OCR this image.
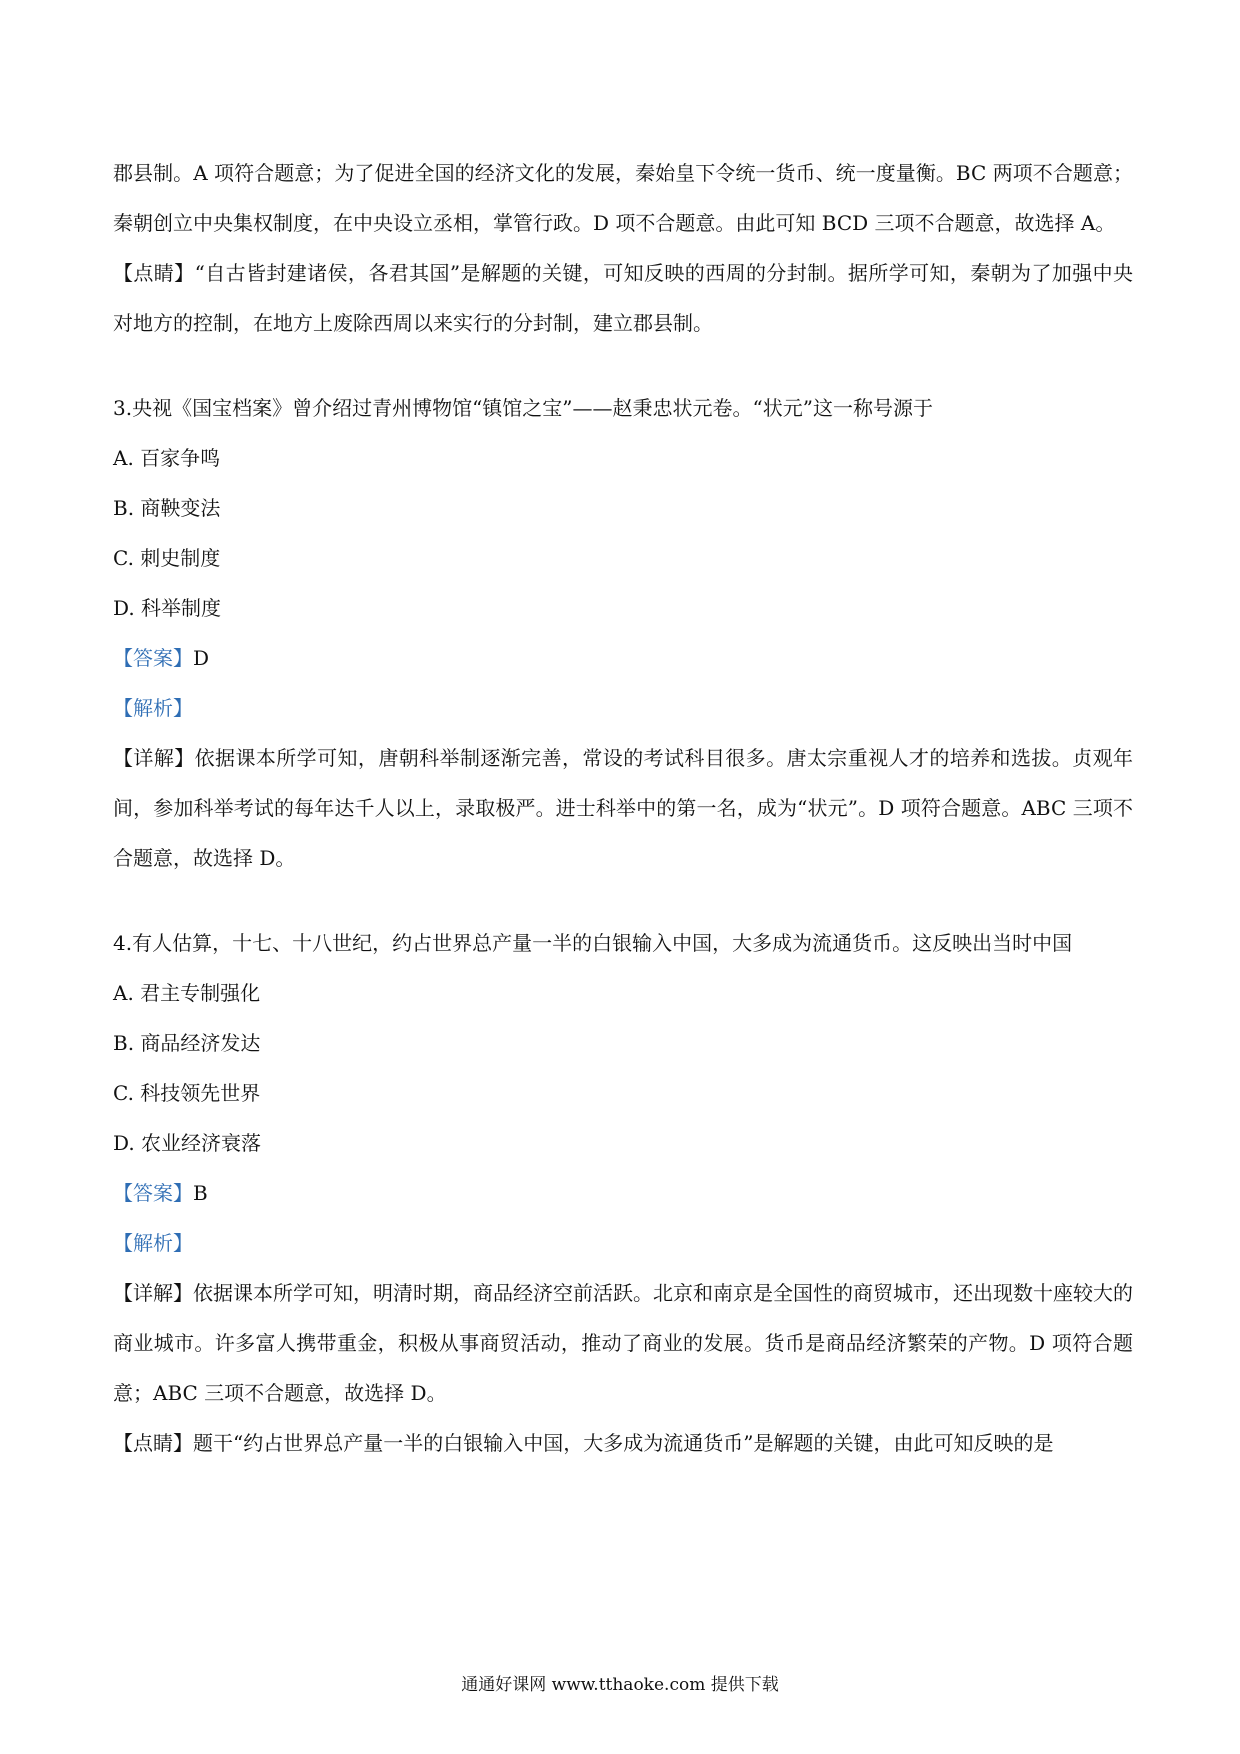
郡县制。A 项符合题意；为了促进全国的经济文化的发展，秦始皇下令统一货币、统一度量衡。BC 两项不合题意；秦朝创立中央集权制度，在中央设立丞相，掌管行政。D 项不合题意。由此可知 BCD 三项不合题意，故选择 A。

【点睛】“自古皆封建诸侯，各君其国”是解题的关键，可知反映的西周的分封制。据所学可知，秦朝为了加强中央对地方的控制，在地方上废除西周以来实行的分封制，建立郡县制。

3.央视《国宝档案》曾介绍过青州博物馆“镇馆之宝”——赵秉忠状元卷。“状元”这一称号源于

A. 百家争鸣

B. 商鞅变法

C. 刺史制度

D. 科举制度

【答案】D

【解析】

【详解】依据课本所学可知，唐朝科举制逐渐完善，常设的考试科目很多。唐太宗重视人才的培养和选拔。贞观年间，参加科举考试的每年达千人以上，录取极严。进士科举中的第一名，成为“状元”。D 项符合题意。ABC 三项不合题意，故选择 D。

4.有人估算，十七、十八世纪，约占世界总产量一半的白银输入中国，大多成为流通货币。这反映出当时中国

A. 君主专制强化

B. 商品经济发达

C. 科技领先世界

D. 农业经济衰落

【答案】B

【解析】

【详解】依据课本所学可知，明清时期，商品经济空前活跃。北京和南京是全国性的商贸城市，还出现数十座较大的商业城市。许多富人携带重金，积极从事商贸活动，推动了商业的发展。货币是商品经济繁荣的产物。D 项符合题意；ABC 三项不合题意，故选择 D。

【点睛】题干“约占世界总产量一半的白银输入中国，大多成为流通货币”是解题的关键，由此可知反映的是

通通好课网 www.tthaoke.com 提供下载
